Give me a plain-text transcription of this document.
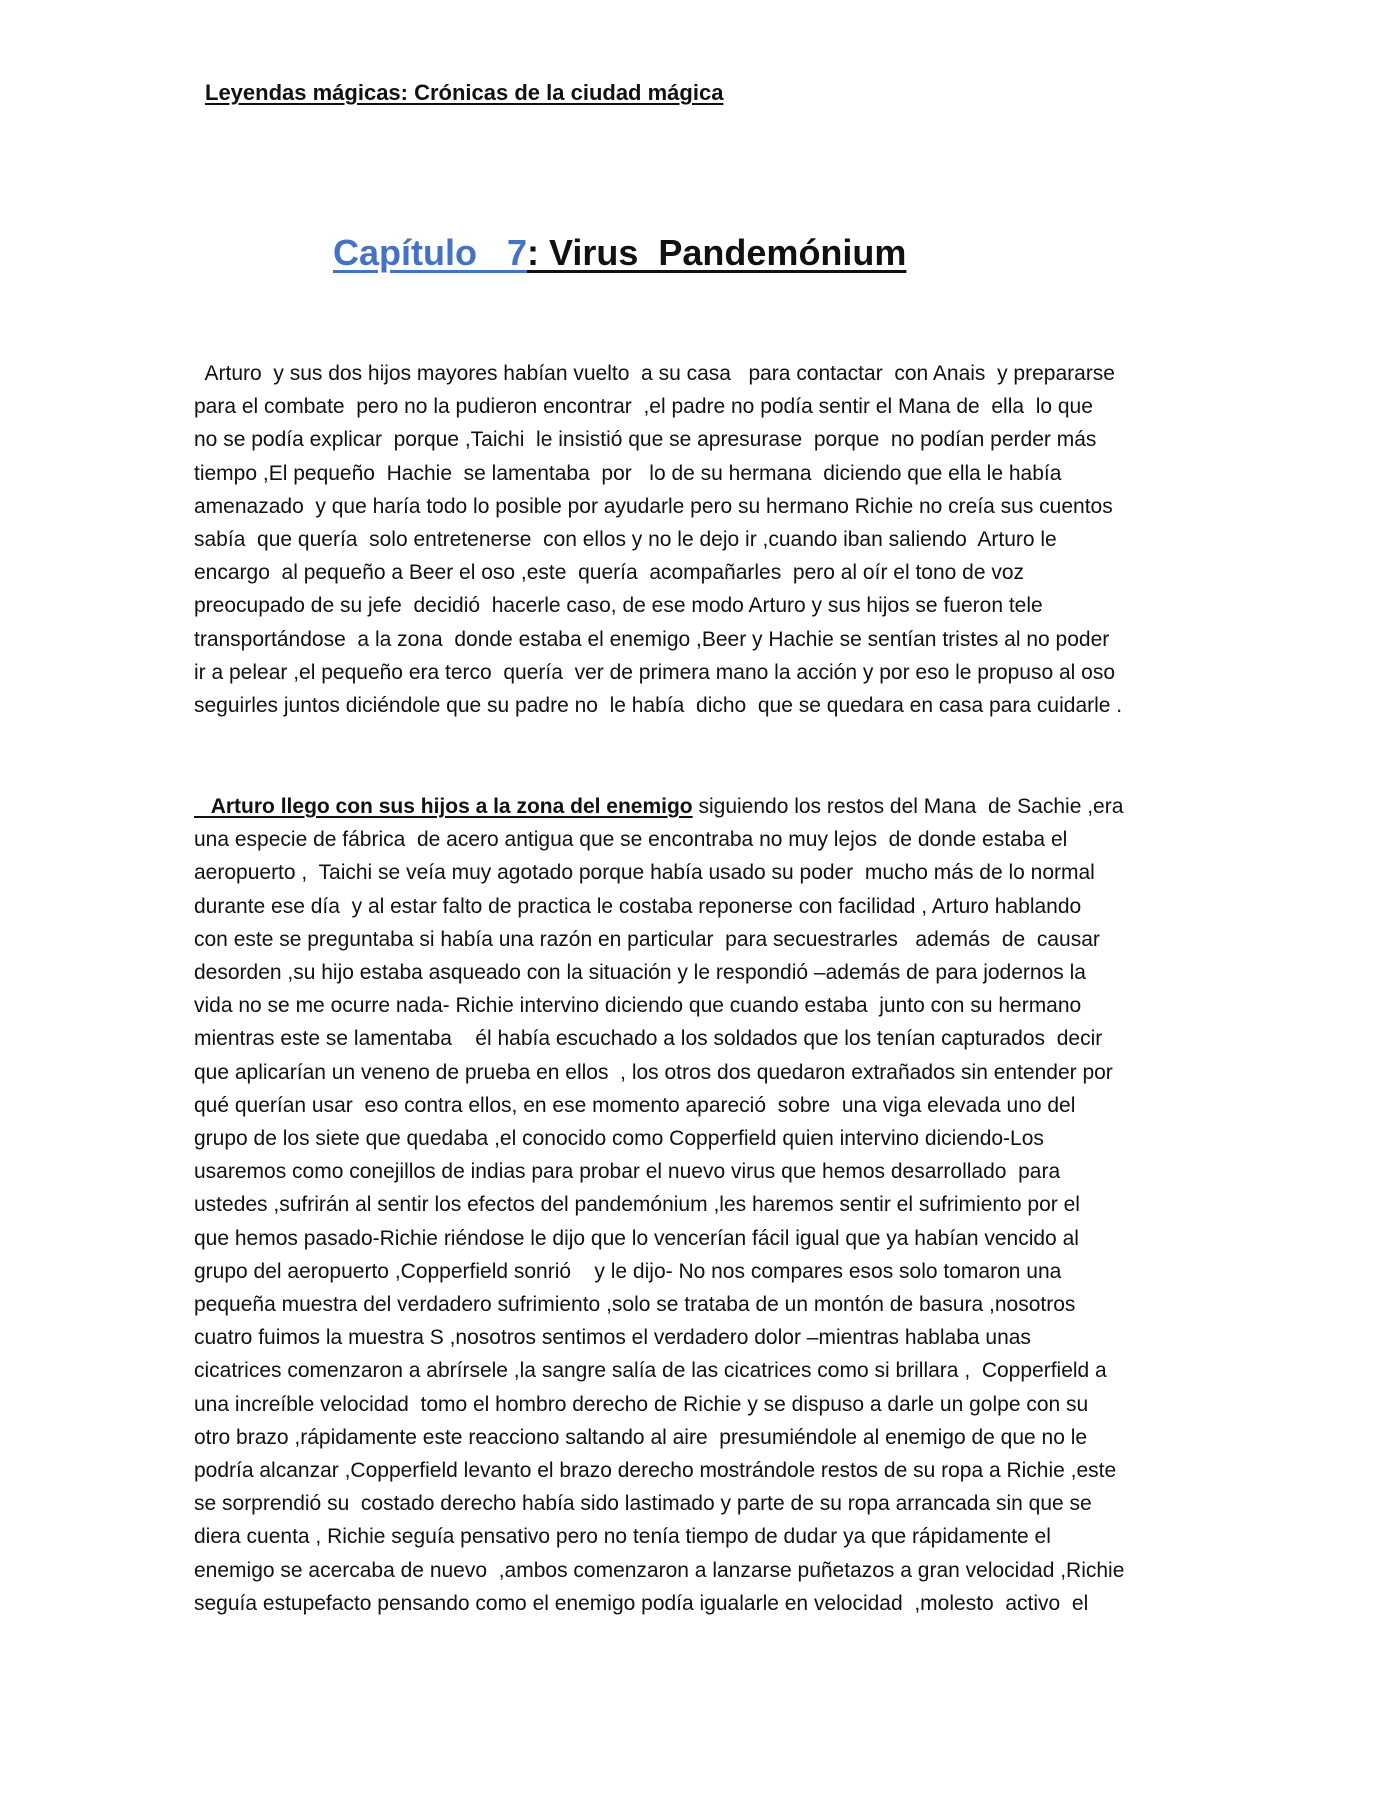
Leyendas mágicas: Crónicas de la ciudad mágica
Capítulo   7: Virus  Pandemónium
Arturo  y sus dos hijos mayores habían vuelto  a su casa   para contactar  con Anais  y prepararse
para el combate  pero no la pudieron encontrar  ,el padre no podía sentir el Mana de  ella  lo que
no se podía explicar  porque ,Taichi  le insistió que se apresurase  porque  no podían perder más
tiempo ,El pequeño  Hachie  se lamentaba  por   lo de su hermana  diciendo que ella le había
amenazado  y que haría todo lo posible por ayudarle pero su hermano Richie no creía sus cuentos
sabía  que quería  solo entretenerse  con ellos y no le dejo ir ,cuando iban saliendo  Arturo le
encargo  al pequeño a Beer el oso ,este  quería  acompañarles  pero al oír el tono de voz
preocupado de su jefe  decidió  hacerle caso, de ese modo Arturo y sus hijos se fueron tele
transportándose  a la zona  donde estaba el enemigo ,Beer y Hachie se sentían tristes al no poder
ir a pelear ,el pequeño era terco  quería  ver de primera mano la acción y por eso le propuso al oso
seguirles juntos diciéndole que su padre no  le había  dicho  que se quedara en casa para cuidarle .
Arturo llego con sus hijos a la zona del enemigo siguiendo los restos del Mana  de Sachie ,era
una especie de fábrica  de acero antigua que se encontraba no muy lejos  de donde estaba el
aeropuerto ,  Taichi se veía muy agotado porque había usado su poder  mucho más de lo normal
durante ese día  y al estar falto de practica le costaba reponerse con facilidad , Arturo hablando
con este se preguntaba si había una razón en particular  para secuestrarles   además  de  causar
desorden ,su hijo estaba asqueado con la situación y le respondió –además de para jodernos la
vida no se me ocurre nada- Richie intervino diciendo que cuando estaba  junto con su hermano
mientras este se lamentaba    él había escuchado a los soldados que los tenían capturados  decir
que aplicarían un veneno de prueba en ellos  , los otros dos quedaron extrañados sin entender por
qué querían usar  eso contra ellos, en ese momento apareció  sobre  una viga elevada uno del
grupo de los siete que quedaba ,el conocido como Copperfield quien intervino diciendo-Los
usaremos como conejillos de indias para probar el nuevo virus que hemos desarrollado  para
ustedes ,sufrirán al sentir los efectos del pandemónium ,les haremos sentir el sufrimiento por el
que hemos pasado-Richie riéndose le dijo que lo vencerían fácil igual que ya habían vencido al
grupo del aeropuerto ,Copperfield sonrió    y le dijo- No nos compares esos solo tomaron una
pequeña muestra del verdadero sufrimiento ,solo se trataba de un montón de basura ,nosotros
cuatro fuimos la muestra S ,nosotros sentimos el verdadero dolor –mientras hablaba unas
cicatrices comenzaron a abrírsele ,la sangre salía de las cicatrices como si brillara ,  Copperfield a
una increíble velocidad  tomo el hombro derecho de Richie y se dispuso a darle un golpe con su
otro brazo ,rápidamente este reacciono saltando al aire  presumiéndole al enemigo de que no le
podría alcanzar ,Copperfield levanto el brazo derecho mostrándole restos de su ropa a Richie ,este
se sorprendió su  costado derecho había sido lastimado y parte de su ropa arrancada sin que se
diera cuenta , Richie seguía pensativo pero no tenía tiempo de dudar ya que rápidamente el
enemigo se acercaba de nuevo  ,ambos comenzaron a lanzarse puñetazos a gran velocidad ,Richie
seguía estupefacto pensando como el enemigo podía igualarle en velocidad  ,molesto  activo  el
